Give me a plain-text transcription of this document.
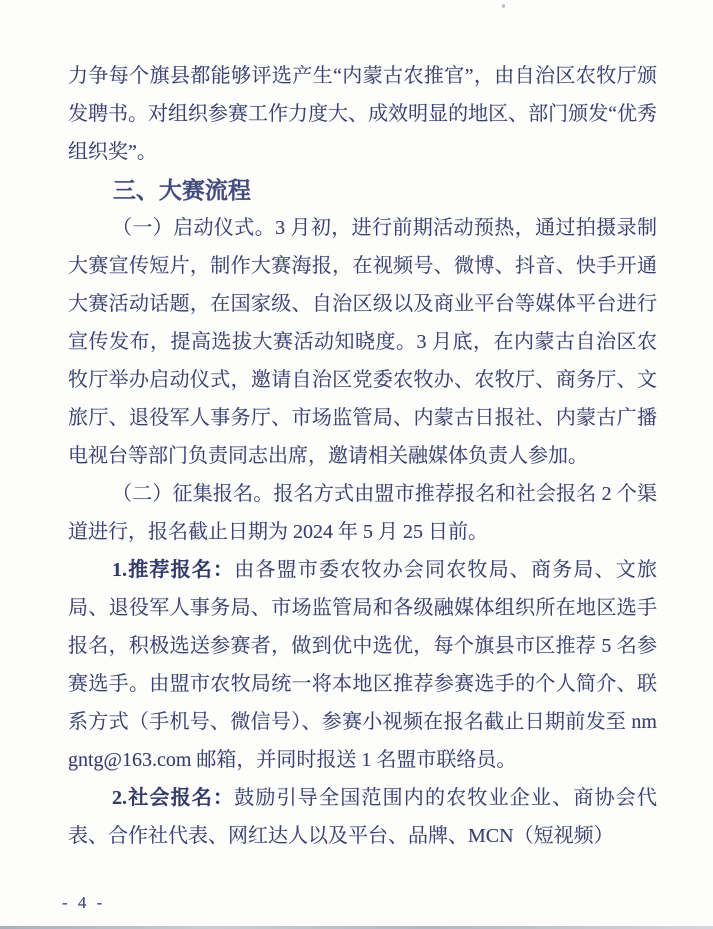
力争每个旗县都能够评选产生“内蒙古农推官”，由自治区农牧厅颁发聘书。对组织参赛工作力度大、成效明显的地区、部门颁发“优秀组织奖”。

三、大赛流程

（一）启动仪式。3 月初，进行前期活动预热，通过拍摄录制大赛宣传短片，制作大赛海报，在视频号、微博、抖音、快手开通大赛活动话题，在国家级、自治区级以及商业平台等媒体平台进行宣传发布，提高选拔大赛活动知晓度。3 月底，在内蒙古自治区农牧厅举办启动仪式，邀请自治区党委农牧办、农牧厅、商务厅、文旅厅、退役军人事务厅、市场监管局、内蒙古日报社、内蒙古广播电视台等部门负责同志出席，邀请相关融媒体负责人参加。

（二）征集报名。报名方式由盟市推荐报名和社会报名 2 个渠道进行，报名截止日期为 2024 年 5 月 25 日前。

1.推荐报名：由各盟市委农牧办会同农牧局、商务局、文旅局、退役军人事务局、市场监管局和各级融媒体组织所在地区选手报名，积极选送参赛者，做到优中选优，每个旗县市区推荐 5 名参赛选手。由盟市农牧局统一将本地区推荐参赛选手的个人简介、联系方式（手机号、微信号）、参赛小视频在报名截止日期前发至 nmgntg@163.com 邮箱，并同时报送 1 名盟市联络员。

2.社会报名：鼓励引导全国范围内的农牧业企业、商协会代表、合作社代表、网红达人以及平台、品牌、MCN（短视频）

- 4 -
